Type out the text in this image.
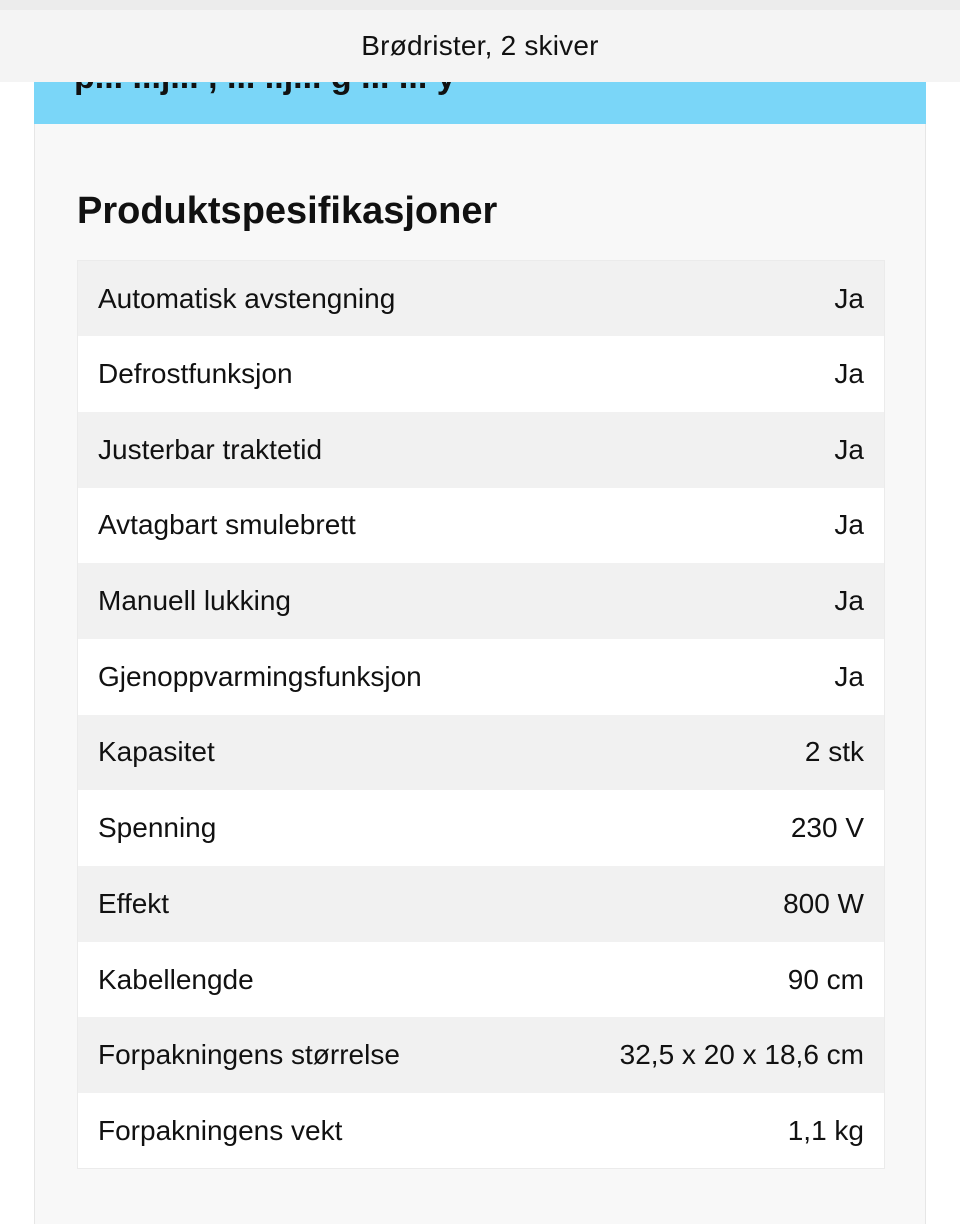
Brødrister, 2 skiver
Produktspesifikasjoner
Automatisk avstengning	Ja
Defrostfunksjon	Ja
Justerbar traktetid	Ja
Avtagbart smulebrett	Ja
Manuell lukking	Ja
Gjenoppvarmingsfunksjon	Ja
Kapasitet	2 stk
Spenning	230 V
Effekt	800 W
Kabellengde	90 cm
Forpakningens størrelse	32,5 x 20 x 18,6 cm
Forpakningens vekt	1,1 kg
